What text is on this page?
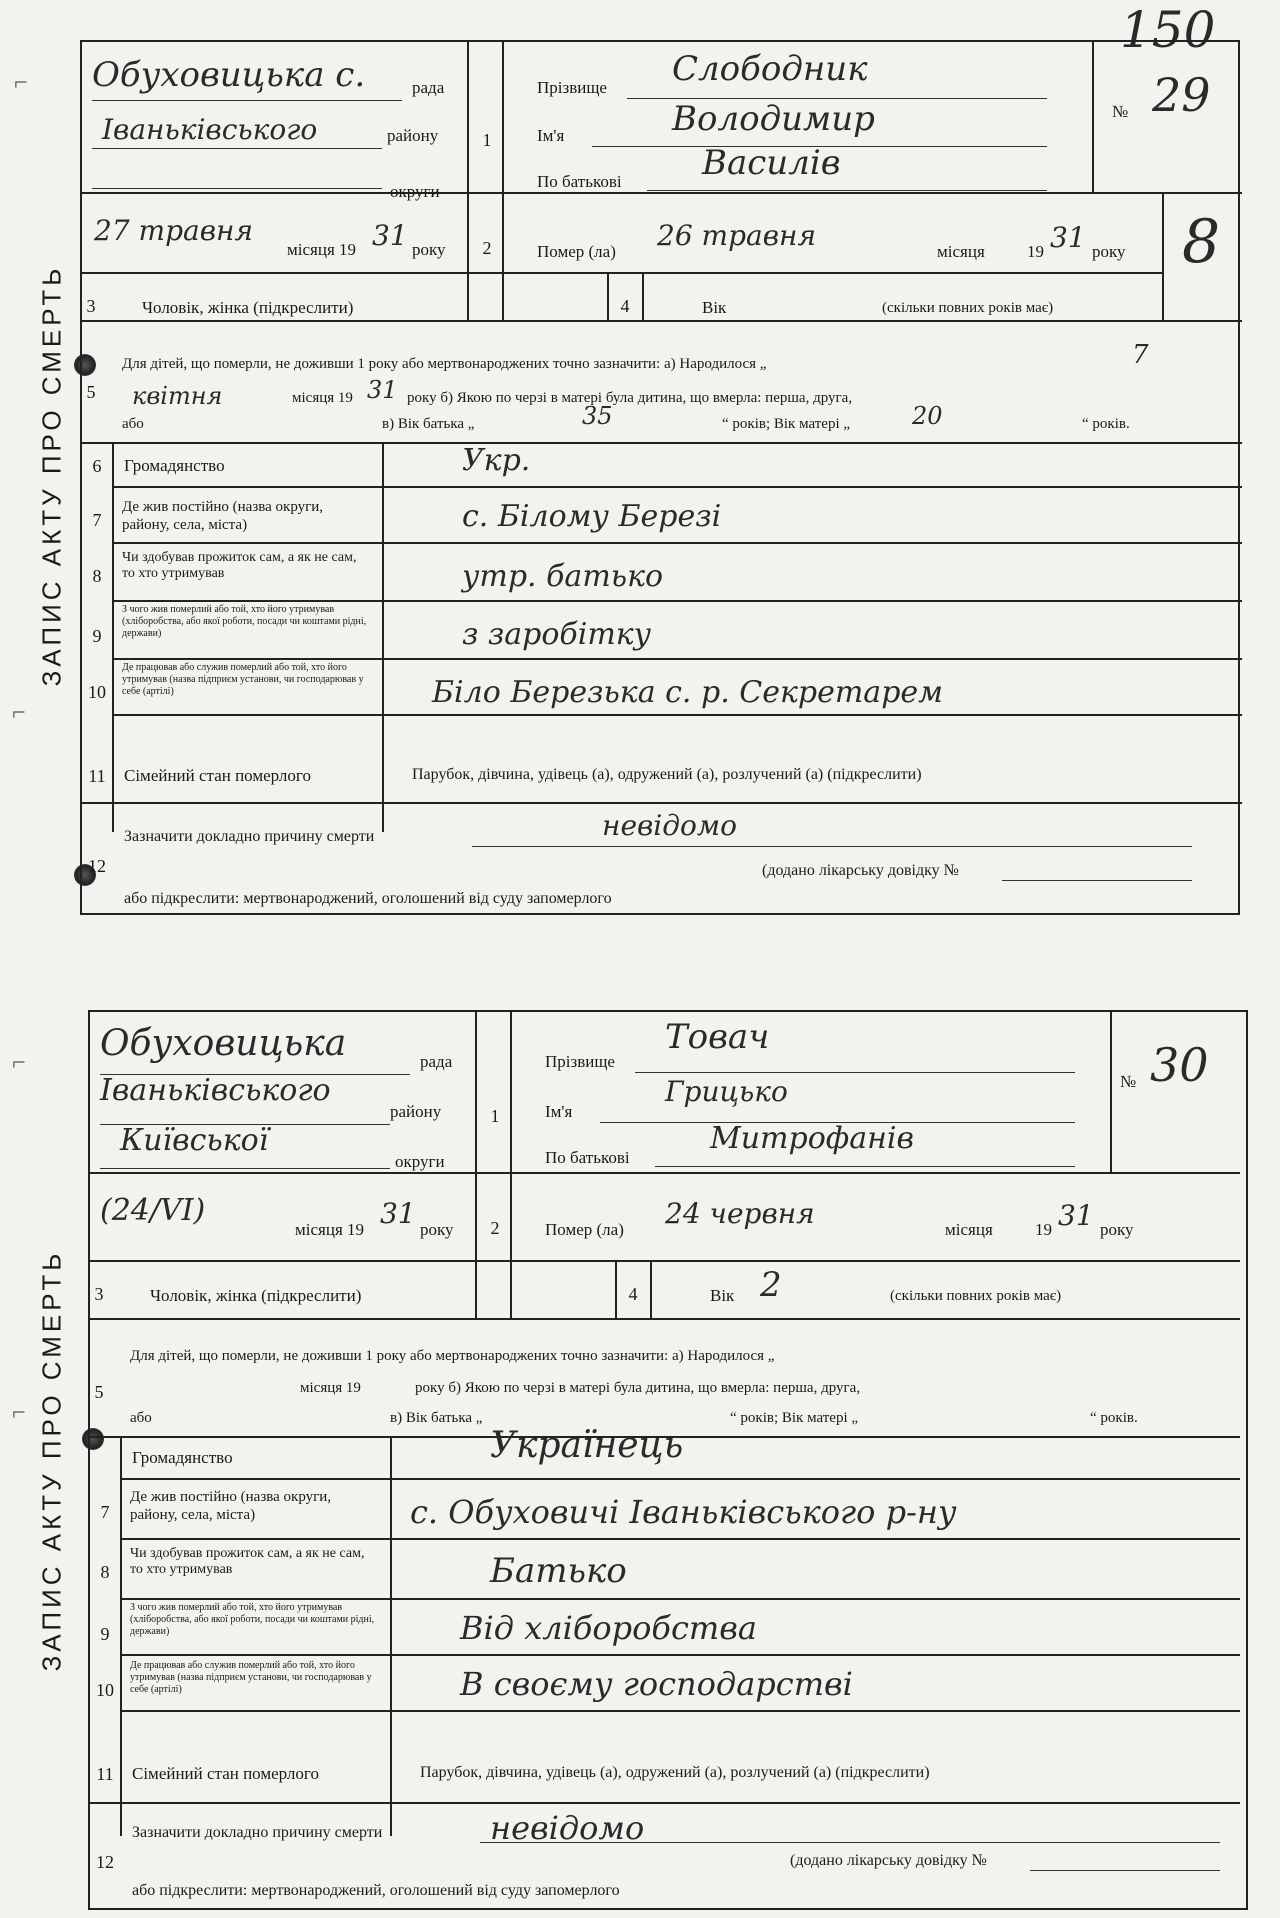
150
ЗАПИС АКТУ ПРО СМЕРТЬ
⌐
⌐
Обуховицька с.	рада
Іваньківського	району
округи
1
Прізвище Слободник
Ім'я	Володимир
По батькові Василів
№ 29
27 травня
місяця 19 31 року	2	Помер (ла) 26 травня	місяця 19 31 року 8
3	Чоловік, жінка (підкреслити)	4	Вік	(скільки повних років має)
5
Для дітей, що померли, не доживши 1 року або мертвонароджених точно зазначити: а) Народилося „	7
квітня	місяця 19 31 року б) Якою по черзі в матері була дитина, що вмерла: перша, друга,
або	в) Вік батька „	35	“ років; Вік матері „	20	“ років.
6	Громадянство	Укр.
7
Де жив постійно (назва округи, району, села, міста)	с. Білому Березі
8
Чи здобував прожиток сам, а як не сам, то хто утримував	утр. батько
9
З чого жив померлий або той, хто його утримував (хліборобства, або якої роботи, посади чи коштами рідні, держави)	з заробітку
10
Де працював або служив померлий або той, хто його утримував (назва підприєм установи, чи господарював у себе (артілі)	Біло Березька с. р. Секретарем
11	Сімейний стан померлого	Парубок, дівчина, удівець (а), одружений (а), розлучений (а) (підкреслити)
12
Зазначити докладно причину смерти	невідомо
(додано лікарську довідку №
або підкреслити: мертвонароджений, оголошений від суду запомерлого
ЗАПИС АКТУ ПРО СМЕРТЬ
⌐
⌐
Обуховицька	рада
Іваньківського
району
Київської
округи
1
Прізвище
Товач
Ім'я
Грицько
По батькові
Митрофанів
№ 30
(24/VI)
місяця 19 31 року	2	Помер (ла) 24 червня	місяця 19 31 року
3	Чоловік, жінка (підкреслити)	4	Вік 2	(скільки повних років має)
5
Для дітей, що померли, не доживши 1 року або мертвонароджених точно зазначити: а) Народилося „
місяця 19	року б) Якою по черзі в матері була дитина, що вмерла: перша, друга,
або	в) Вік батька „	“ років; Вік матері „	“ років.
Громадянство	Українець
7
Де жив постійно (назва округи, району, села, міста)	с. Обуховичі Іваньківського р-ну
8
Чи здобував прожиток сам, а як не сам, то хто утримував	Батько
9
З чого жив померлий або той, хто його утримував (хліборобства, або якої роботи, посади чи коштами рідні, держави)	Від хліборобства
10
Де працював або служив померлий або той, хто його утримував (назва підприєм установи, чи господарював у себе (артілі)	В своєму господарстві
11	Сімейний стан померлого	Парубок, дівчина, удівець (а), одружений (а), розлучений (а) (підкреслити)
12
Зазначити докладно причину смерти	невідомо
(додано лікарську довідку №
або підкреслити: мертвонароджений, оголошений від суду запомерлого
